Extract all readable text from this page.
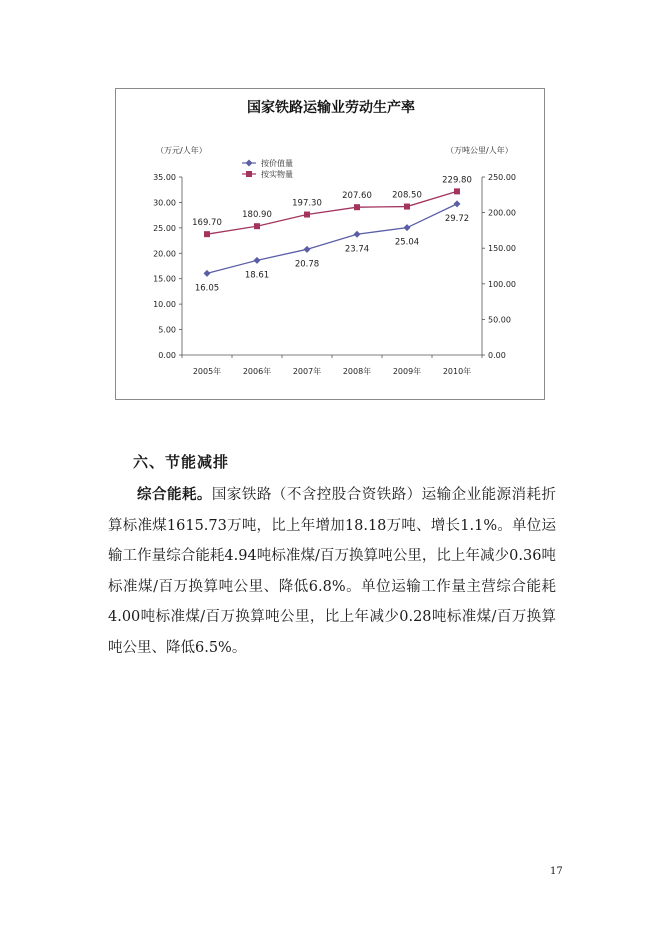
国家铁路运输业劳动生产率
（万元/人年）	（万吨公里/人年）
0.00
5.00
10.00
15.00
20.00
25.00
30.00
35.00
0.00
50.00
100.00
150.00
200.00
250.00
2005年	2006年	2007年	2008年	2009年	2010年
按价值量
按实物量
16.05
18.61
20.78
23.74
25.04
29.72
169.70
180.90
197.30
207.60 208.50
229.80
六、节能减排

综合能耗。国家铁路（不含控股合资铁路）运输企业能源消耗折算标准煤1615.73万吨，比上年增加18.18万吨、增长1.1%。单位运输工作量综合能耗4.94吨标准煤/百万换算吨公里，比上年减少0.36吨标准煤/百万换算吨公里、降低6.8%。单位运输工作量主营综合能耗4.00吨标准煤/百万换算吨公里，比上年减少0.28吨标准煤/百万换算吨公里、降低6.5%。

17
